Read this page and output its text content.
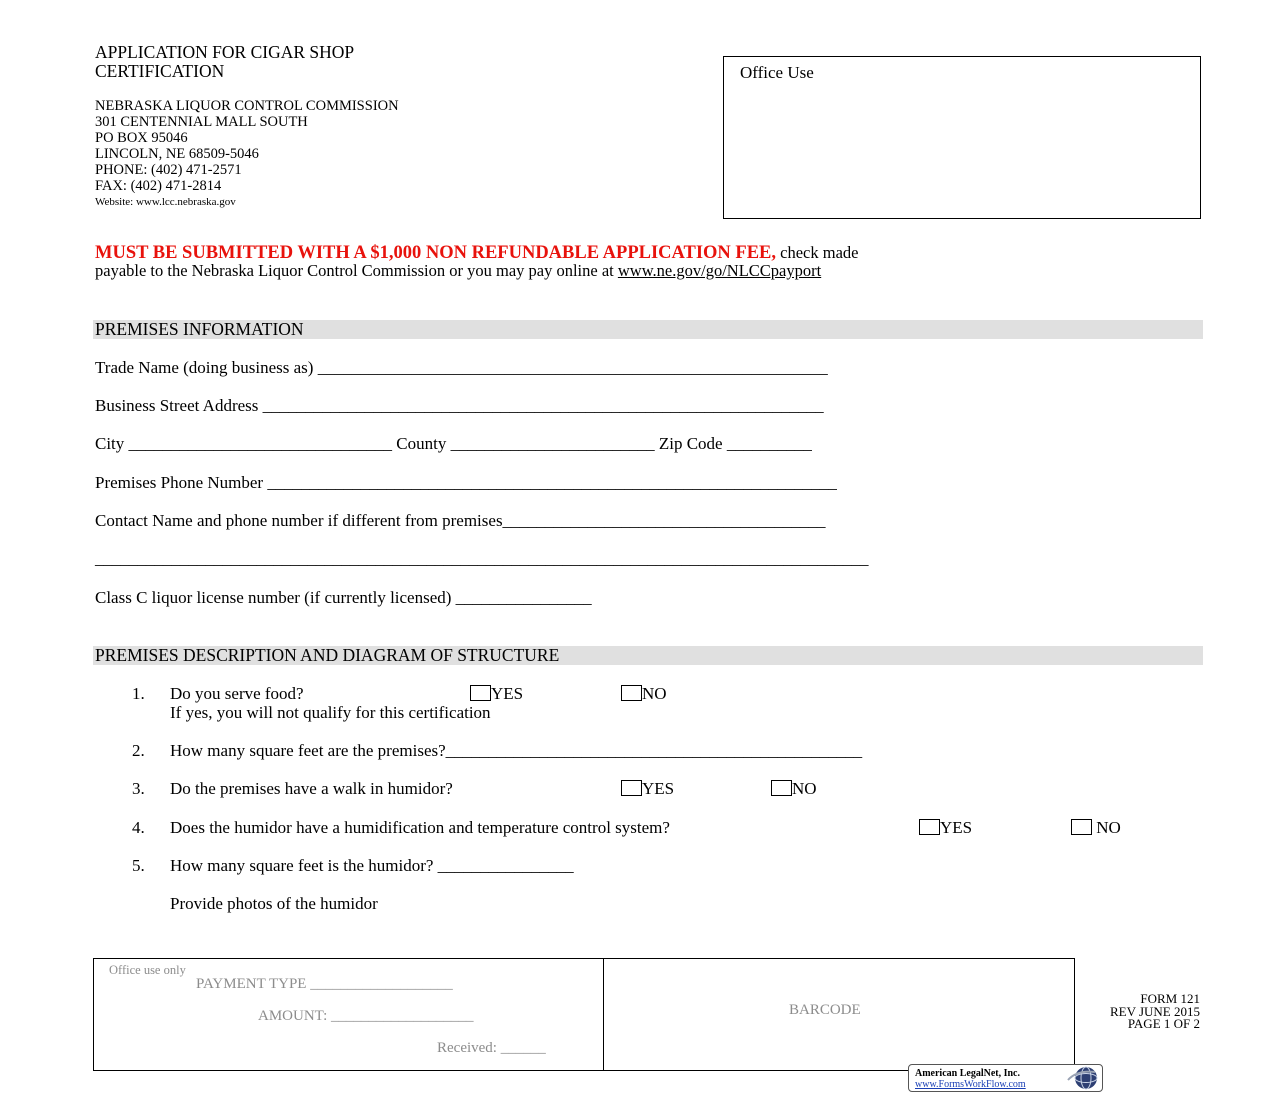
APPLICATION FOR CIGAR SHOP
CERTIFICATION
NEBRASKA LIQUOR CONTROL COMMISSION
301 CENTENNIAL MALL SOUTH
PO BOX 95046
LINCOLN, NE 68509-5046
PHONE: (402) 471-2571
FAX: (402) 471-2814
Website: www.lcc.nebraska.gov
Office Use
MUST BE SUBMITTED WITH A $1,000 NON REFUNDABLE APPLICATION FEE, check made
payable to the Nebraska Liquor Control Commission or you may pay online at www.ne.gov/go/NLCCpayport
PREMISES INFORMATION
Trade Name (doing business as) ____________________________________________________________
Business Street Address __________________________________________________________________
City _______________________________ County ________________________ Zip Code __________
Premises Phone Number ___________________________________________________________________
Contact Name and phone number if different from premises______________________________________
___________________________________________________________________________________________
Class C liquor license number (if currently licensed) ________________
PREMISES DESCRIPTION AND DIAGRAM OF STRUCTURE
1. Do you serve food?	YES	NO
If yes, you will not qualify for this certification
2. How many square feet are the premises?_________________________________________________
3. Do the premises have a walk in humidor?	YES	NO
4. Does the humidor have a humidification and temperature control system?	YES	NO
5. How many square feet is the humidor? ________________
Provide photos of the humidor
Office use only
PAYMENT TYPE ___________________
AMOUNT: ___________________
Received: ______
BARCODE
FORM 121
REV JUNE 2015
PAGE 1 OF 2
American LegalNet, Inc.
www.FormsWorkFlow.com
